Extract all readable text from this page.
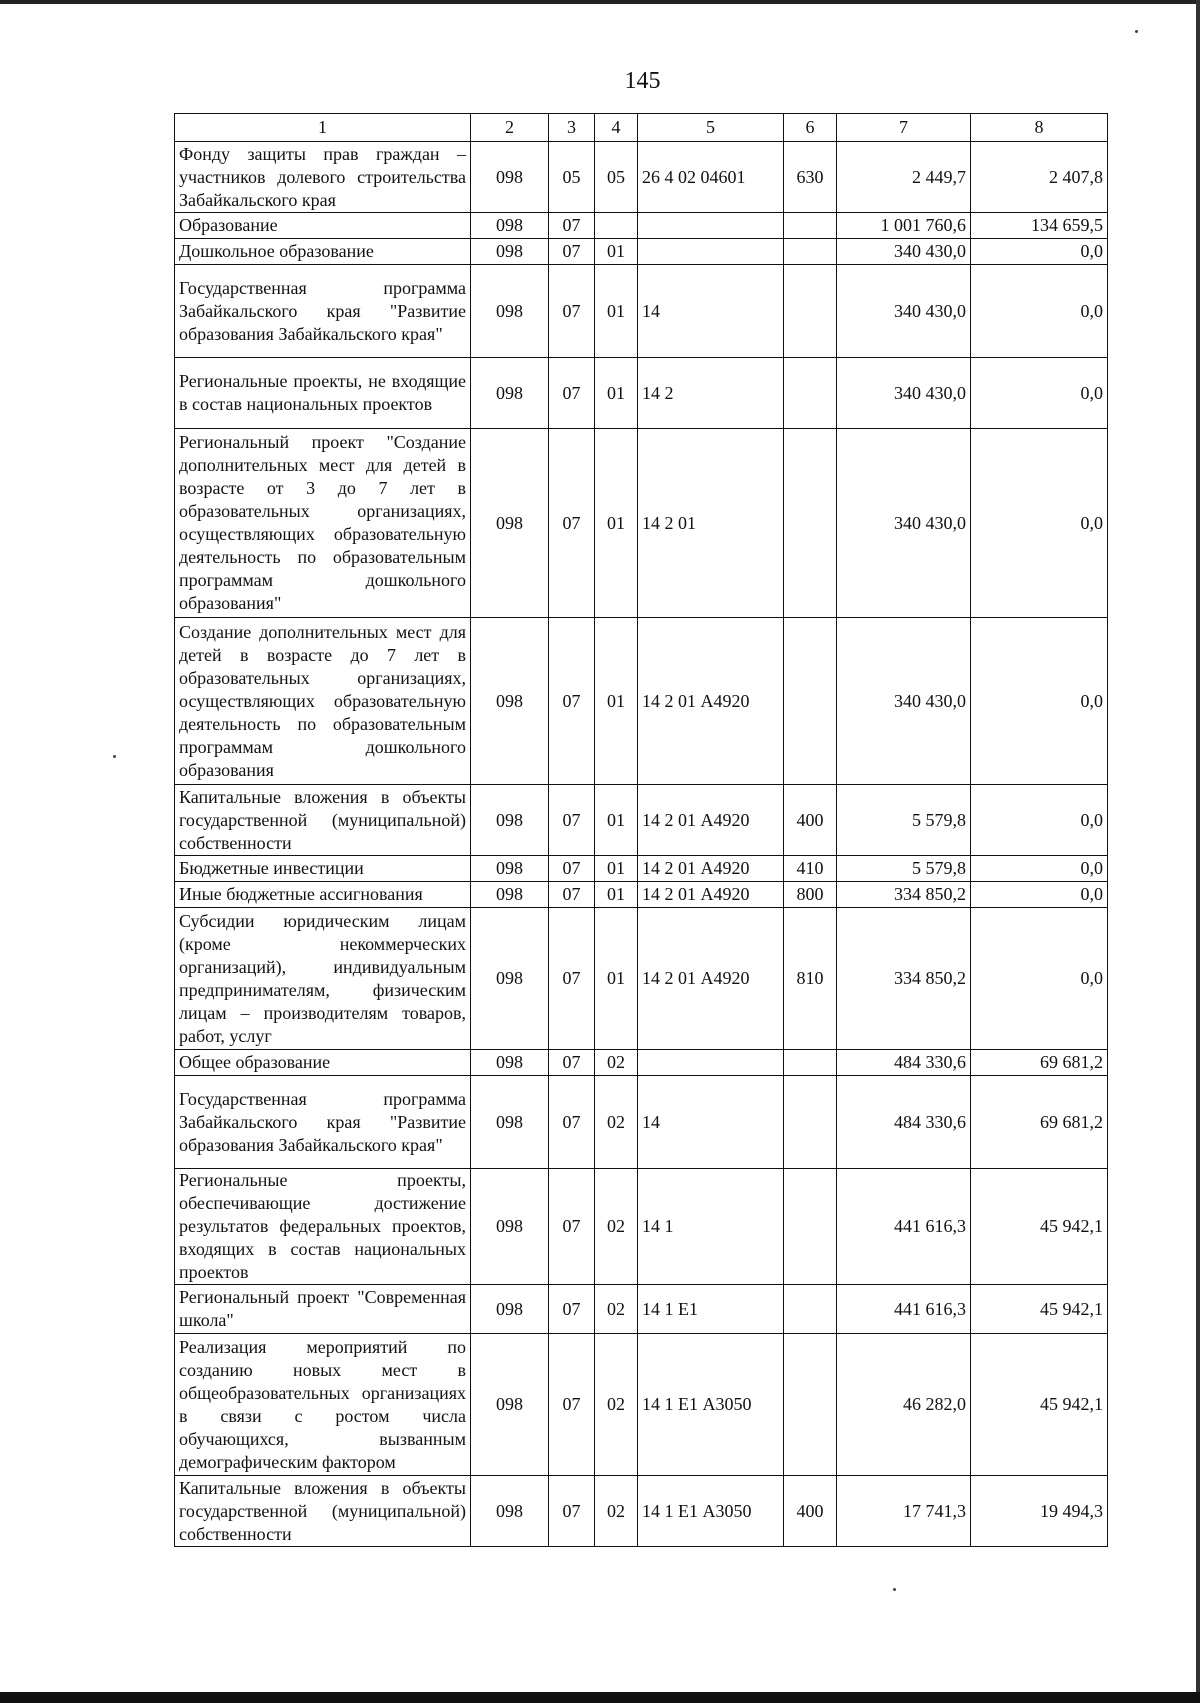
145
1	2	3	4	5	6	7	8
Фонду защиты прав граждан – участников долевого строительства Забайкальского края	098	05	05	26 4 02 04601	630	2 449,7	2 407,8
Образование	098	07				1 001 760,6	134 659,5
Дошкольное образование	098	07	01			340 430,0	0,0
Государственная программа Забайкальского края "Развитие образования Забайкальского края"	098	07	01	14		340 430,0	0,0
Региональные проекты, не входящие в состав национальных проектов	098	07	01	14 2		340 430,0	0,0
Региональный проект "Создание дополнительных мест для детей в возрасте от 3 до 7 лет в образовательных организациях, осуществляющих образовательную деятельность по образовательным программам дошкольного образования"	098	07	01	14 2 01		340 430,0	0,0
Создание дополнительных мест для детей в возрасте до 7 лет в образовательных организациях, осуществляющих образовательную деятельность по образовательным программам дошкольного образования	098	07	01	14 2 01 А4920		340 430,0	0,0
Капитальные вложения в объекты государственной (муниципальной) собственности	098	07	01	14 2 01 А4920	400	5 579,8	0,0
Бюджетные инвестиции	098	07	01	14 2 01 А4920	410	5 579,8	0,0
Иные бюджетные ассигнования	098	07	01	14 2 01 А4920	800	334 850,2	0,0
Субсидии юридическим лицам (кроме некоммерческих организаций), индивидуальным предпринимателям, физическим лицам – производителям товаров, работ, услуг	098	07	01	14 2 01 А4920	810	334 850,2	0,0
Общее образование	098	07	02			484 330,6	69 681,2
Государственная программа Забайкальского края "Развитие образования Забайкальского края"	098	07	02	14		484 330,6	69 681,2
Региональные проекты, обеспечивающие достижение результатов федеральных проектов, входящих в состав национальных проектов	098	07	02	14 1		441 616,3	45 942,1
Региональный проект "Современная школа"	098	07	02	14 1 E1		441 616,3	45 942,1
Реализация мероприятий по созданию новых мест в общеобразовательных организациях в связи с ростом числа обучающихся, вызванным демографическим фактором	098	07	02	14 1 E1 А3050		46 282,0	45 942,1
Капитальные вложения в объекты государственной (муниципальной) собственности	098	07	02	14 1 E1 А3050	400	17 741,3	19 494,3
